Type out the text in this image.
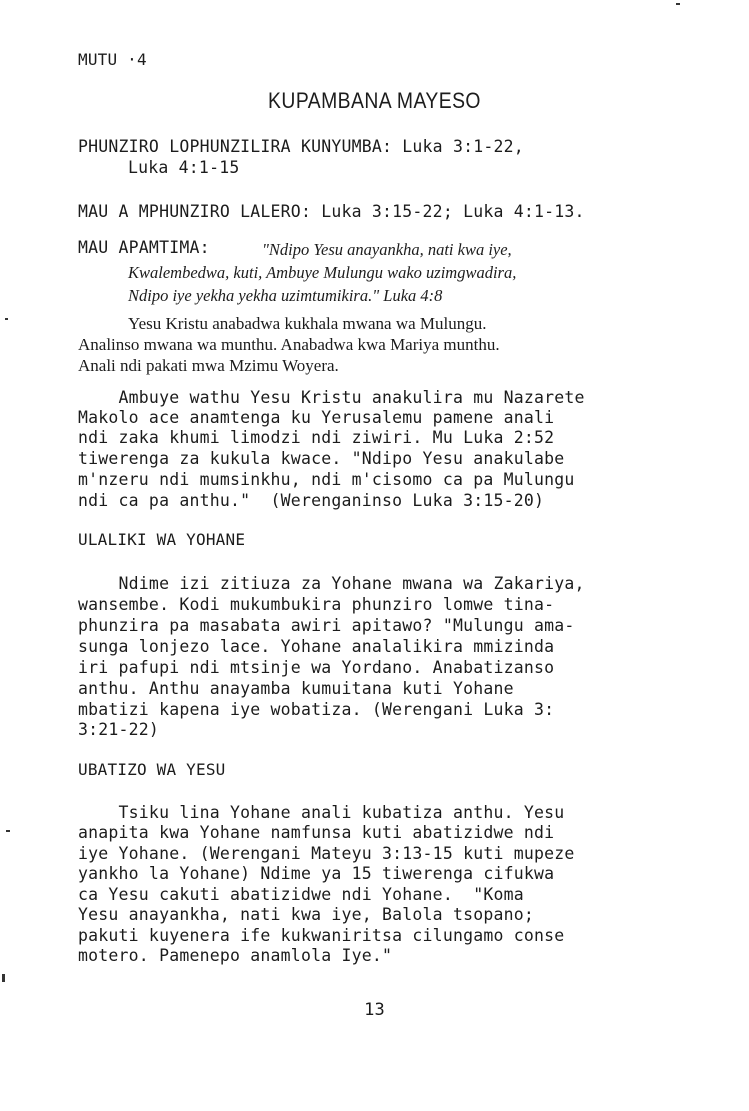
MUTU ·4
KUPAMBANA MAYESO
PHUNZIRO LOPHUNZILIRA KUNYUMBA: Luka 3:1-22,
Luka 4:1-15
MAU A MPHUNZIRO LALERO: Luka 3:15-22; Luka 4:1-13.
MAU APAMTIMA:	"Ndipo Yesu anayankha, nati kwa iye,
Kwalembedwa, kuti, Ambuye Mulungu wako uzimgwadira,
Ndipo iye yekha yekha uzimtumikira." Luka 4:8
Yesu Kristu anabadwa kukhala mwana wa Mulungu.
Analinso mwana wa munthu. Anabadwa kwa Mariya munthu.
Anali ndi pakati mwa Mzimu Woyera.
Ambuye wathu Yesu Kristu anakulira mu Nazarete
Makolo ace anamtenga ku Yerusalemu pamene anali
ndi zaka khumi limodzi ndi ziwiri. Mu Luka 2:52
tiwerenga za kukula kwace. "Ndipo Yesu anakulabe
m'nzeru ndi mumsinkhu, ndi m'cisomo ca pa Mulungu
ndi ca pa anthu."  (Werenganinso Luka 3:15-20)
ULALIKI WA YOHANE
Ndime izi zitiuza za Yohane mwana wa Zakariya,
wansembe. Kodi mukumbukira phunziro lomwe tina-
phunzira pa masabata awiri apitawo? "Mulungu ama-
sunga lonjezo lace. Yohane analalikira mmizinda
iri pafupi ndi mtsinje wa Yordano. Anabatizanso
anthu. Anthu anayamba kumuitana kuti Yohane
mbatizi kapena iye wobatiza. (Werengani Luka 3:
3:21-22)
UBATIZO WA YESU
Tsiku lina Yohane anali kubatiza anthu. Yesu
anapita kwa Yohane namfunsa kuti abatizidwe ndi
iye Yohane. (Werengani Mateyu 3:13-15 kuti mupeze
yankho la Yohane) Ndime ya 15 tiwerenga cifukwa
ca Yesu cakuti abatizidwe ndi Yohane.  "Koma
Yesu anayankha, nati kwa iye, Balola tsopano;
pakuti kuyenera ife kukwaniritsa cilungamo conse
motero. Pamenepo anamlola Iye."
13
